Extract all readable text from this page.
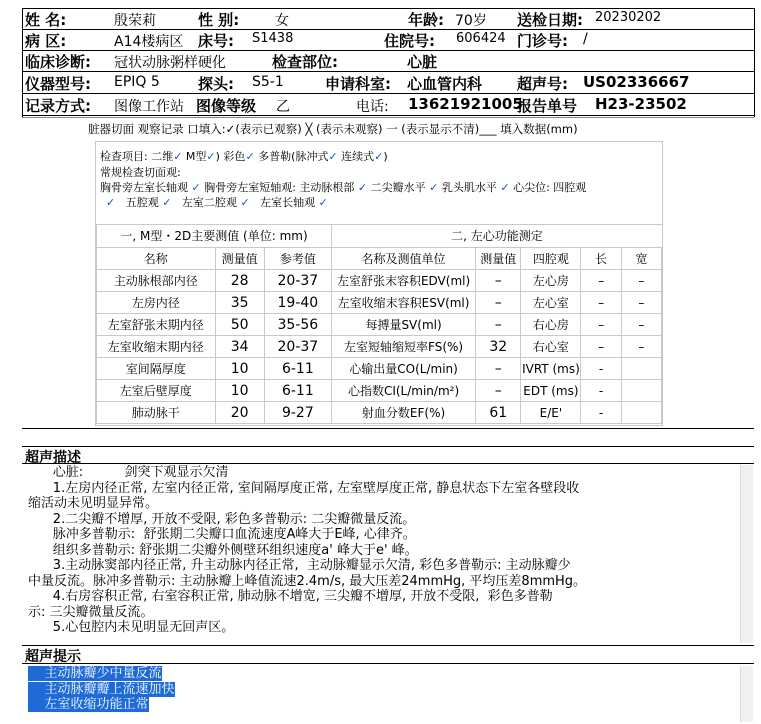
姓 名:	殷荣莉	性 别:	女	年龄: 70岁 送检日期: 20230202
病 区:	A14楼病区 床号: S1438	住院号: 606424 门诊号: /
临床诊断: 冠状动脉粥样硬化	检查部位:	心脏
仪器型号: EPIQ 5	探头: S5-1	申请科室: 心血管内科 超声号: US02336667
记录方式: 图像工作站 图像等级 乙	电话: 13621921005
报告单号 H23-23502
脏器切面 观察记录 口填入:✓(表示已观察) ╳ (表示未观察) 一 (表示显示不清)___ 填入数据(mm)
检查项目: 二维✓ M型✓) 彩色✓ 多普勒(脉冲式✓ 连续式✓)
常规检查切面观:
胸骨旁左室长轴观 ✓ 胸骨旁左室短轴观: 主动脉根部 ✓ 二尖瓣水平 ✓ 乳头肌水平 ✓ 心尖位: 四腔观
✓ 五腔观 ✓ 左室二腔观 ✓ 左室长轴观 ✓
一, M型・2D主要测值 (单位: mm)	二, 左心功能测定
名称	测量值	参考值
主动脉根部内径	28	20-37
左房内径	35	19-40
左室舒张末期内径	50	35-56
左室收缩末期内径	34	20-37
室间隔厚度	10	6-11
左室后壁厚度	10	6-11
肺动脉干	20	9-27
名称及测值单位	测量值	四腔观	长	宽
左室舒张末容积EDV(ml)	–	左心房	–	–
左室收缩末容积ESV(ml)	–	左心室	–	–
每搏量SV(ml)	–	右心房	–	–
左室短轴缩短率FS(%)	32	右心室	–	–
心输出量CO(L/min)	–	IVRT (ms)	-	
心指数CI(L/min/m²)	–	EDT (ms)	-	
射血分数EF(%)	61	E/E'	-	
超声描述
心脏:          剑突下观显示欠清
1.左房内径正常, 左室内径正常, 室间隔厚度正常, 左室壁厚度正常, 静息状态下左室各壁段收
缩活动未见明显异常。
2.二尖瓣不增厚, 开放不受限, 彩色多普勒示: 二尖瓣微量反流。
脉冲多普勒示:  舒张期二尖瓣口血流速度A峰大于E峰, 心律齐。
组织多普勒示: 舒张期二尖瓣外侧壁环组织速度a' 峰大于e' 峰。
3.主动脉窦部内径正常, 升主动脉内径正常,  主动脉瓣显示欠清, 彩色多普勒示: 主动脉瓣少
中量反流。脉冲多普勒示: 主动脉瓣上峰值流速2.4m/s, 最大压差24mmHg, 平均压差8mmHg。
4.右房容积正常, 右室容积正常, 肺动脉不增宽, 三尖瓣不增厚, 开放不受限,  彩色多普勒
示: 三尖瓣微量反流。
5.心包腔内未见明显无回声区。
超声提示
主动脉瓣少中量反流
主动脉瓣瓣上流速加快
左室收缩功能正常
